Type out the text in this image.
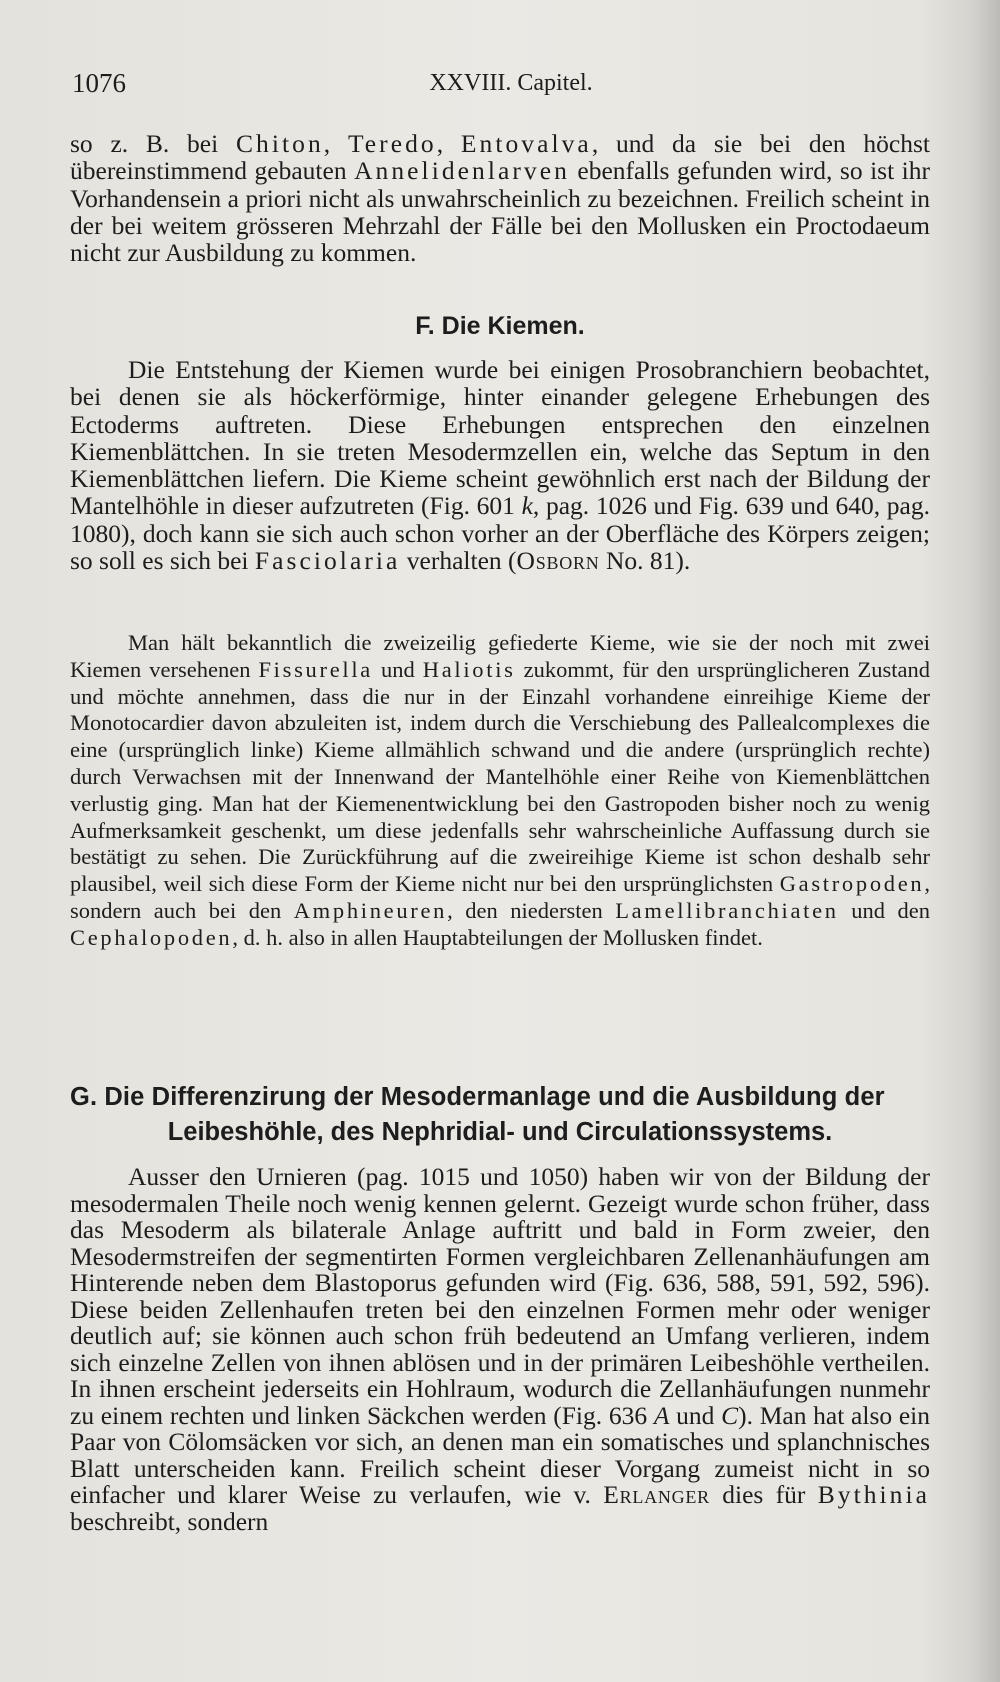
1076	XXVIII. Capitel.

so z. B. bei Chiton, Teredo, Entovalva, und da sie bei den höchst übereinstimmend gebauten Annelidenlarven ebenfalls gefunden wird, so ist ihr Vorhandensein a priori nicht als unwahrscheinlich zu bezeichnen. Freilich scheint in der bei weitem grösseren Mehrzahl der Fälle bei den Mollusken ein Proctodaeum nicht zur Ausbildung zu kommen.

F. Die Kiemen.

Die Entstehung der Kiemen wurde bei einigen Prosobranchiern beobachtet, bei denen sie als höckerförmige, hinter einander gelegene Erhebungen des Ectoderms auftreten. Diese Erhebungen entsprechen den einzelnen Kiemenblättchen. In sie treten Mesodermzellen ein, welche das Septum in den Kiemenblättchen liefern. Die Kieme scheint gewöhnlich erst nach der Bildung der Mantelhöhle in dieser aufzutreten (Fig. 601 k, pag. 1026 und Fig. 639 und 640, pag. 1080), doch kann sie sich auch schon vorher an der Oberfläche des Körpers zeigen; so soll es sich bei Fasciolaria verhalten (Osborn No. 81).

Man hält bekanntlich die zweizeilig gefiederte Kieme, wie sie der noch mit zwei Kiemen versehenen Fissurella und Haliotis zukommt, für den ursprünglicheren Zustand und möchte annehmen, dass die nur in der Einzahl vorhandene einreihige Kieme der Monotocardier davon abzuleiten ist, indem durch die Verschiebung des Pallealcomplexes die eine (ursprünglich linke) Kieme allmählich schwand und die andere (ursprünglich rechte) durch Verwachsen mit der Innenwand der Mantelhöhle einer Reihe von Kiemenblättchen verlustig ging. Man hat der Kiemenentwicklung bei den Gastropoden bisher noch zu wenig Aufmerksamkeit geschenkt, um diese jedenfalls sehr wahrscheinliche Auffassung durch sie bestätigt zu sehen. Die Zurückführung auf die zweireihige Kieme ist schon deshalb sehr plausibel, weil sich diese Form der Kieme nicht nur bei den ursprünglichsten Gastropoden, sondern auch bei den Amphineuren, den niedersten Lamellibranchiaten und den Cephalopoden, d. h. also in allen Hauptabteilungen der Mollusken findet.

G. Die Differenzirung der Mesodermanlage und die Ausbildung der
Leibeshöhle, des Nephridial- und Circulationssystems.

Ausser den Urnieren (pag. 1015 und 1050) haben wir von der Bildung der mesodermalen Theile noch wenig kennen gelernt. Gezeigt wurde schon früher, dass das Mesoderm als bilaterale Anlage auftritt und bald in Form zweier, den Mesodermstreifen der segmentirten Formen vergleichbaren Zellenanhäufungen am Hinterende neben dem Blastoporus gefunden wird (Fig. 636, 588, 591, 592, 596). Diese beiden Zellenhaufen treten bei den einzelnen Formen mehr oder weniger deutlich auf; sie können auch schon früh bedeutend an Umfang verlieren, indem sich einzelne Zellen von ihnen ablösen und in der primären Leibeshöhle vertheilen. In ihnen erscheint jederseits ein Hohlraum, wodurch die Zellanhäufungen nunmehr zu einem rechten und linken Säckchen werden (Fig. 636 A und C). Man hat also ein Paar von Cölomsäcken vor sich, an denen man ein somatisches und splanchnisches Blatt unterscheiden kann. Freilich scheint dieser Vorgang zumeist nicht in so einfacher und klarer Weise zu verlaufen, wie v. Erlanger dies für Bythinia beschreibt, sondern
